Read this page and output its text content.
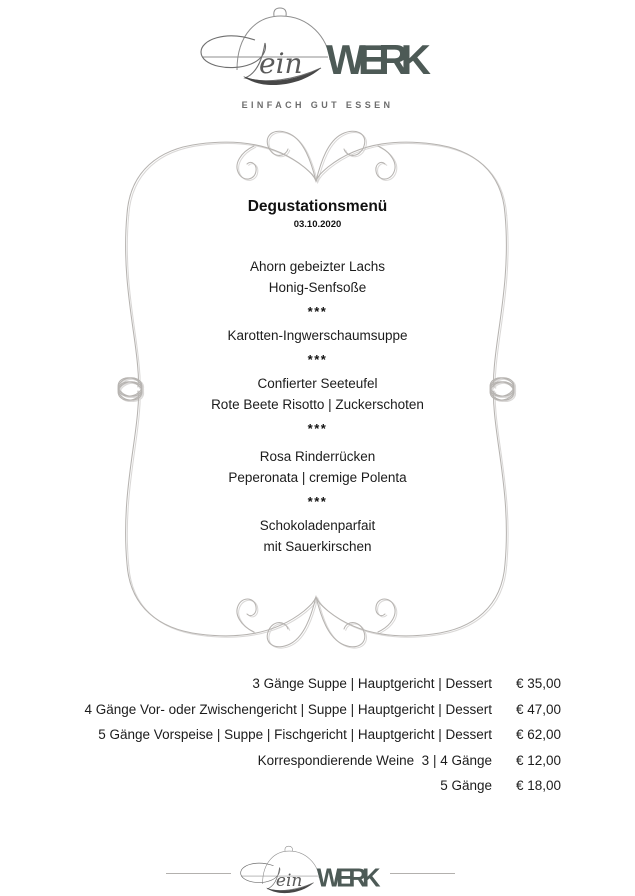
EINFACH GUT ESSEN
Degustationsmenü
03.10.2020
Ahorn gebeizter Lachs
Honig-Senfsoße
***
Karotten-Ingwerschaumsuppe
***
Confierter Seeteufel
Rote Beete Risotto | Zuckerschoten
***
Rosa Rinderrücken
Peperonata | cremige Polenta
***
Schokoladenparfait
mit Sauerkirschen
3 Gänge Suppe | Hauptgericht | Dessert	€ 35,00
4 Gänge Vor- oder Zwischengericht | Suppe | Hauptgericht | Dessert	€ 47,00
5 Gänge Vorspeise | Suppe | Fischgericht | Hauptgericht | Dessert	€ 62,00
Korrespondierende Weine  3 | 4 Gänge	€ 12,00
5 Gänge	€ 18,00
